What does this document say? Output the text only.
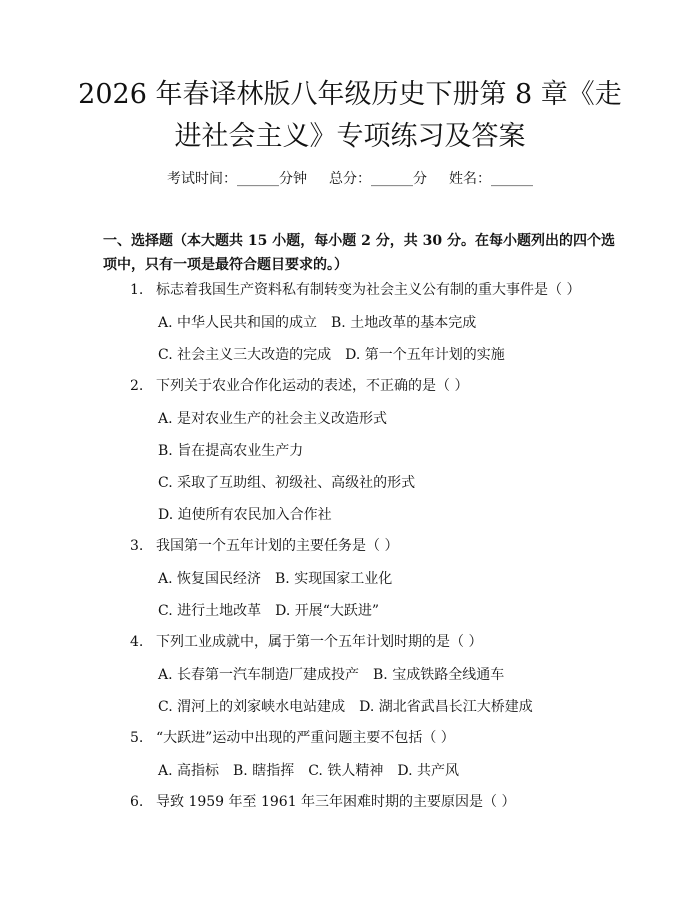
2026 年春译林版八年级历史下册第 8 章《走
进社会主义》专项练习及答案
考试时间：______分钟 总分：______分 姓名：______
一、选择题（本大题共 15 小题，每小题 2 分，共 30 分。在每小题列出的四个选
项中，只有一项是最符合题目要求的。）
1. 标志着我国生产资料私有制转变为社会主义公有制的重大事件是（ ）
A. 中华人民共和国的成立 B. 土地改革的基本完成
C. 社会主义三大改造的完成 D. 第一个五年计划的实施
2. 下列关于农业合作化运动的表述，不正确的是（ ）
A. 是对农业生产的社会主义改造形式
B. 旨在提高农业生产力
C. 采取了互助组、初级社、高级社的形式
D. 迫使所有农民加入合作社
3. 我国第一个五年计划的主要任务是（ ）
A. 恢复国民经济 B. 实现国家工业化
C. 进行土地改革 D. 开展“大跃进”
4. 下列工业成就中，属于第一个五年计划时期的是（ ）
A. 长春第一汽车制造厂建成投产 B. 宝成铁路全线通车
C. 渭河上的刘家峡水电站建成 D. 湖北省武昌长江大桥建成
5. “大跃进”运动中出现的严重问题主要不包括（ ）
A. 高指标 B. 瞎指挥 C. 铁人精神 D. 共产风
6. 导致 1959 年至 1961 年三年困难时期的主要原因是（ ）
